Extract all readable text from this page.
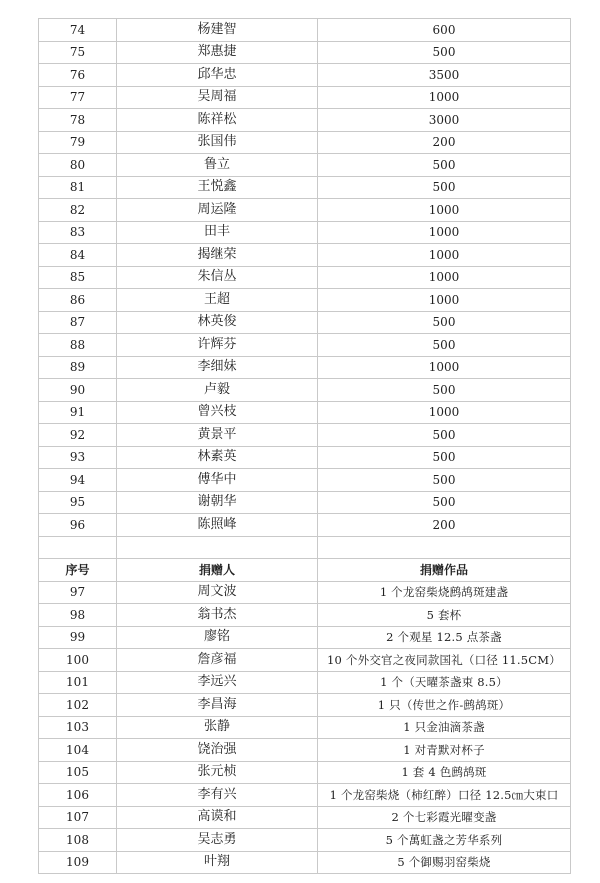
74	杨建智	600
75	郑惠捷	500
76	邱华忠	3500
77	吴周福	1000
78	陈祥松	3000
79	张国伟	200
80	鲁立	500
81	王悦鑫	500
82	周运隆	1000
83	田丰	1000
84	揭继荣	1000
85	朱信丛	1000
86	王超	1000
87	林英俊	500
88	许辉芬	500
89	李细妹	1000
90	卢毅	500
91	曾兴枝	1000
92	黄景平	500
93	林素英	500
94	傅华中	500
95	谢朝华	500
96	陈照峰	200

序号	捐赠人	捐赠作品
97	周文波	1 个龙窑柴烧鹧鸪斑建盏
98	翁书杰	5 套杯
99	廖铭	2 个观星 12.5 点茶盏
100	詹彦福	10 个外交官之夜同款国礼（口径 11.5CM）
101	李远兴	1 个（天曜茶盏束 8.5）
102	李昌海	1 只（传世之作-鹧鸪斑）
103	张静	1 只金油滴茶盏
104	饶治强	1 对青默对杯子
105	张元桢	1 套 4 色鹧鸪斑
106	李有兴	1 个龙窑柴烧（柿红醉）口径 12.5㎝大束口
107	高谟和	2 个七彩霞光曜变盏
108	吴志勇	5 个萬虹盏之芳华系列
109	叶翔	5 个御赐羽窑柴烧
